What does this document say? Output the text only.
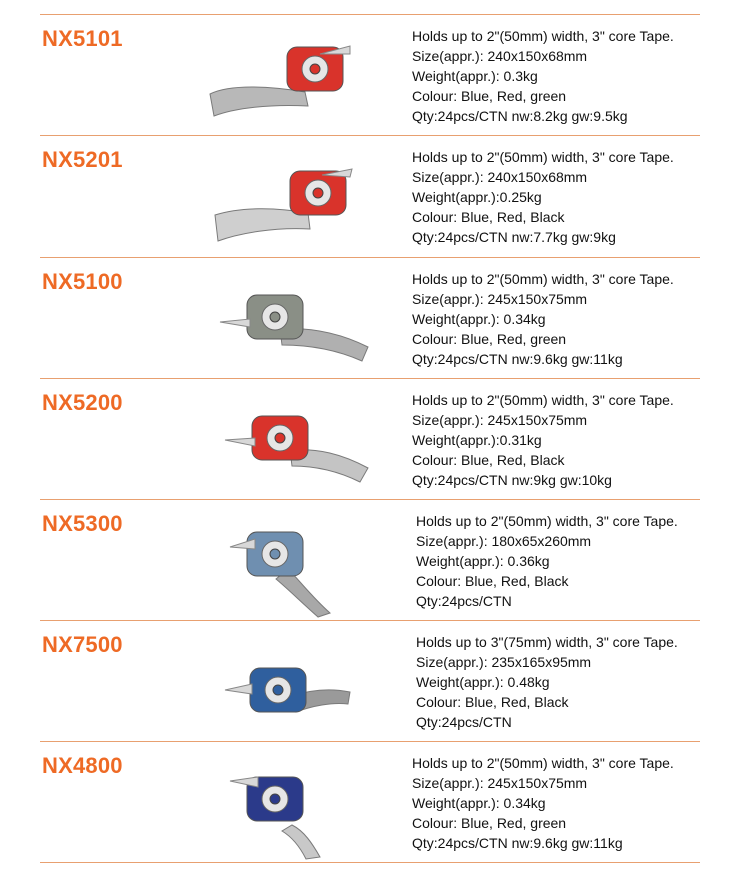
NX5101	Holds up to 2"(50mm) width, 3" core Tape.
Size(appr.): 240x150x68mm
Weight(appr.): 0.3kg
Colour: Blue, Red, green
Qty:24pcs/CTN nw:8.2kg gw:9.5kg
NX5201	Holds up to 2"(50mm) width, 3" core Tape.
Size(appr.): 240x150x68mm
Weight(appr.):0.25kg
Colour: Blue, Red, Black
Qty:24pcs/CTN nw:7.7kg gw:9kg
NX5100	Holds up to 2"(50mm) width, 3" core Tape.
Size(appr.): 245x150x75mm
Weight(appr.): 0.34kg
Colour: Blue, Red, green
Qty:24pcs/CTN nw:9.6kg gw:11kg
NX5200	Holds up to 2"(50mm) width, 3" core Tape.
Size(appr.): 245x150x75mm
Weight(appr.):0.31kg
Colour: Blue, Red, Black
Qty:24pcs/CTN nw:9kg gw:10kg
NX5300	Holds up to 2"(50mm) width, 3" core Tape.
Size(appr.): 180x65x260mm
Weight(appr.): 0.36kg
Colour: Blue, Red, Black
Qty:24pcs/CTN
NX7500	Holds up to 3"(75mm) width, 3" core Tape.
Size(appr.): 235x165x95mm
Weight(appr.): 0.48kg
Colour: Blue, Red, Black
Qty:24pcs/CTN
NX4800	Holds up to 2"(50mm) width, 3" core Tape.
Size(appr.): 245x150x75mm
Weight(appr.): 0.34kg
Colour: Blue, Red, green
Qty:24pcs/CTN nw:9.6kg gw:11kg
